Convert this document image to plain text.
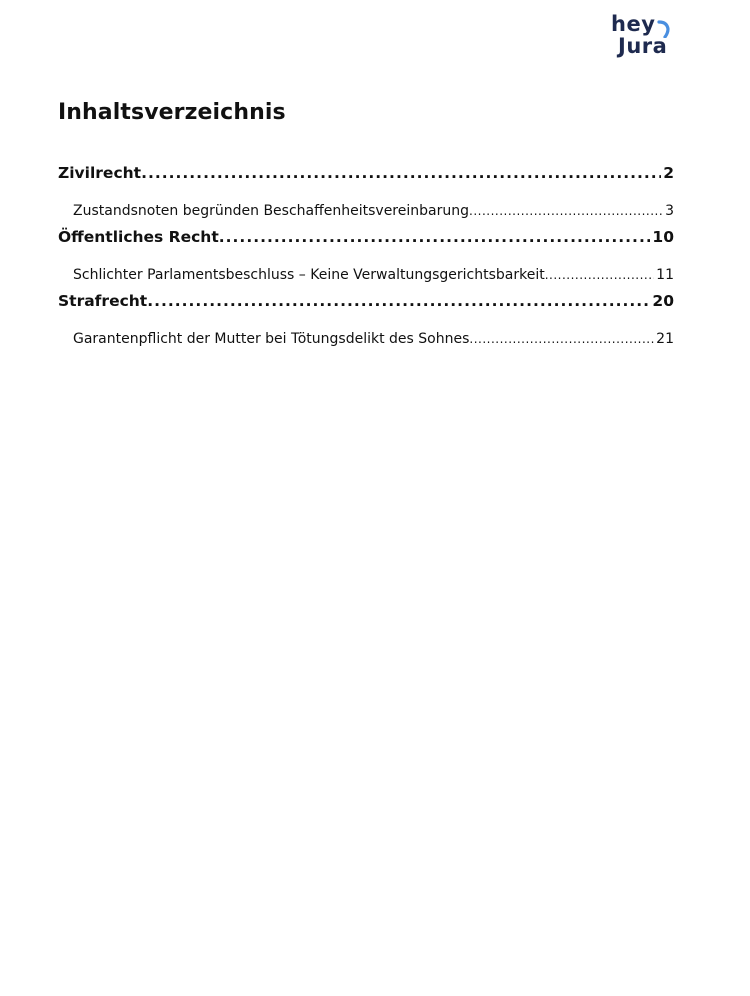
hey
Jura
Inhaltsverzeichnis
Zivilrecht .....	2
Zustandsnoten begründen Beschaffenheitsvereinbarung .....	3
Öffentliches Recht .....	10
Schlichter Parlamentsbeschluss – Keine Verwaltungsgerichtsbarkeit .....	11
Strafrecht .....	20
Garantenpflicht der Mutter bei Tötungsdelikt des Sohnes .....	21
